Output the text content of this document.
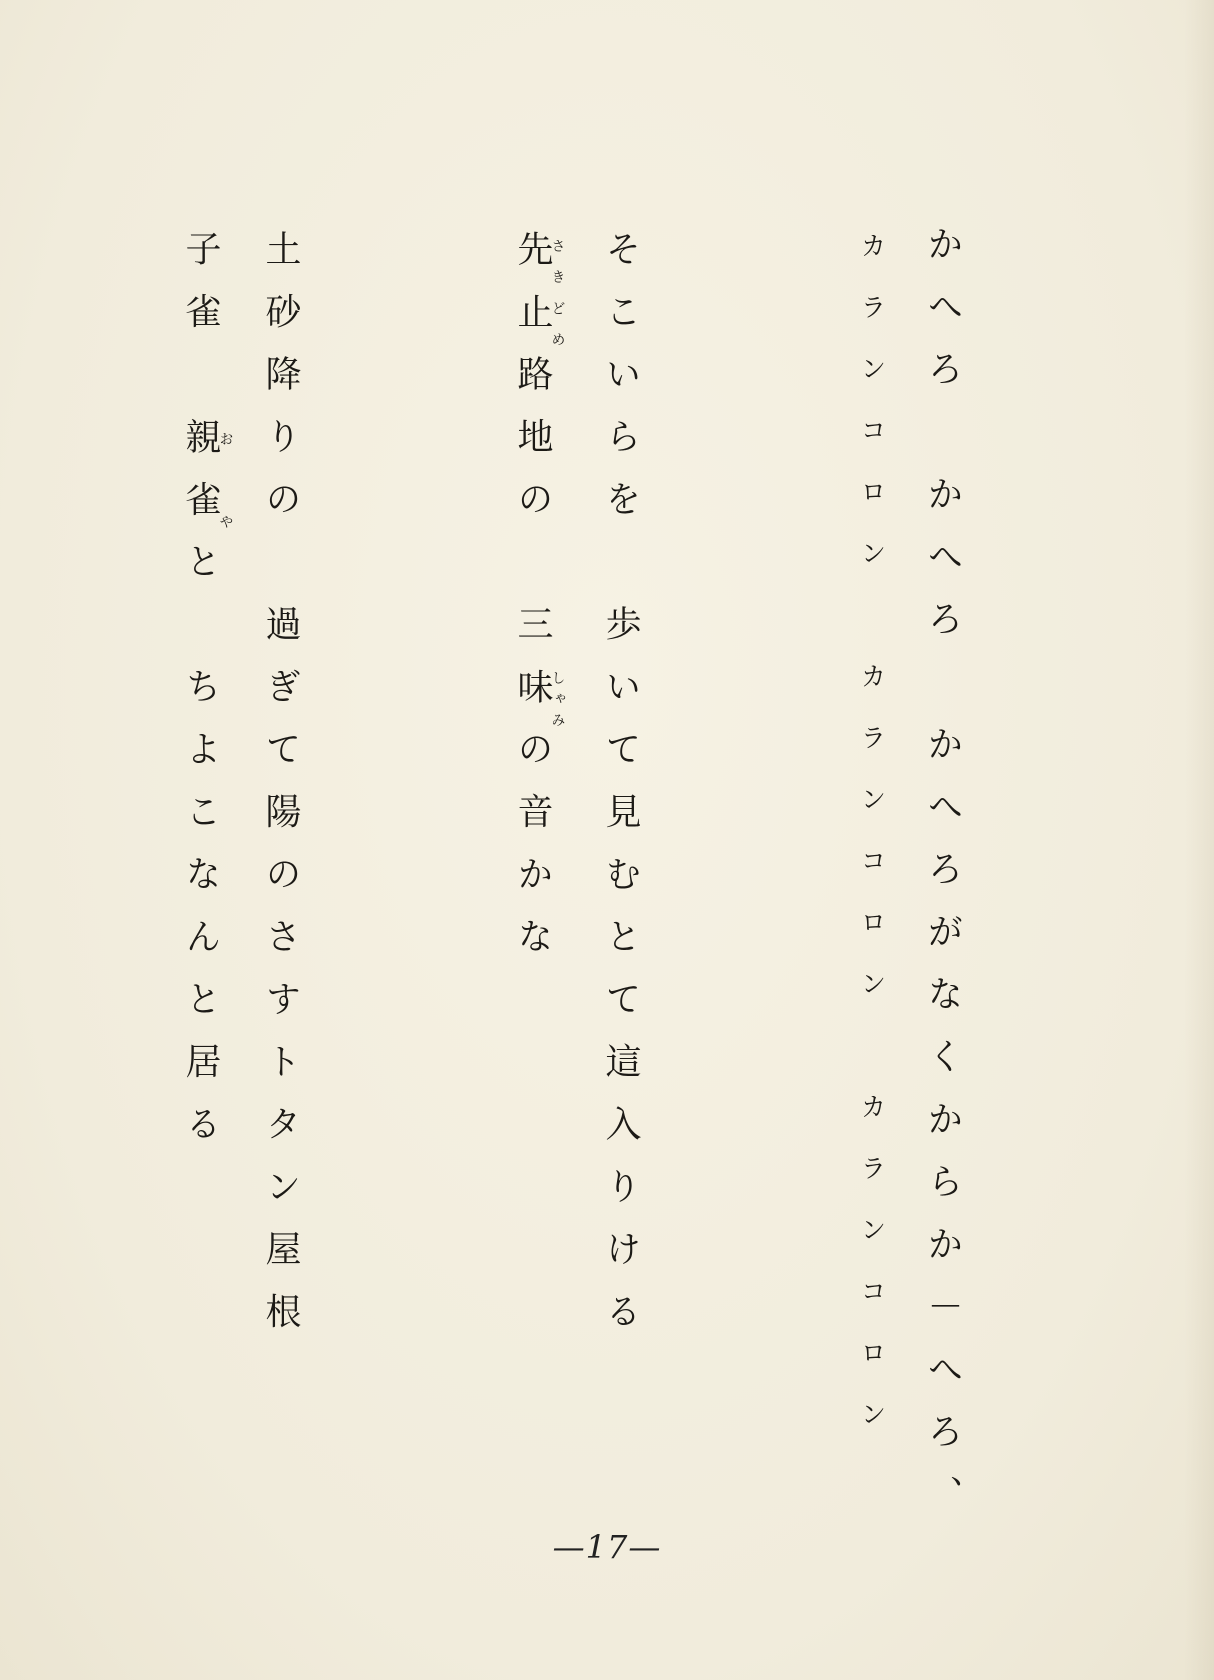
かへろ　かへろ　かへろがなくからか－へろ、
カランコロン　カランコロン　カランコロン
そこいらを　歩いて見むとて這入りける
先さき止どめ路地の　三味しゃみの音かな
土砂降りの　過ぎて陽のさすトタン屋根
子雀　親雀おやと　ちよこなんと居る
—17—
